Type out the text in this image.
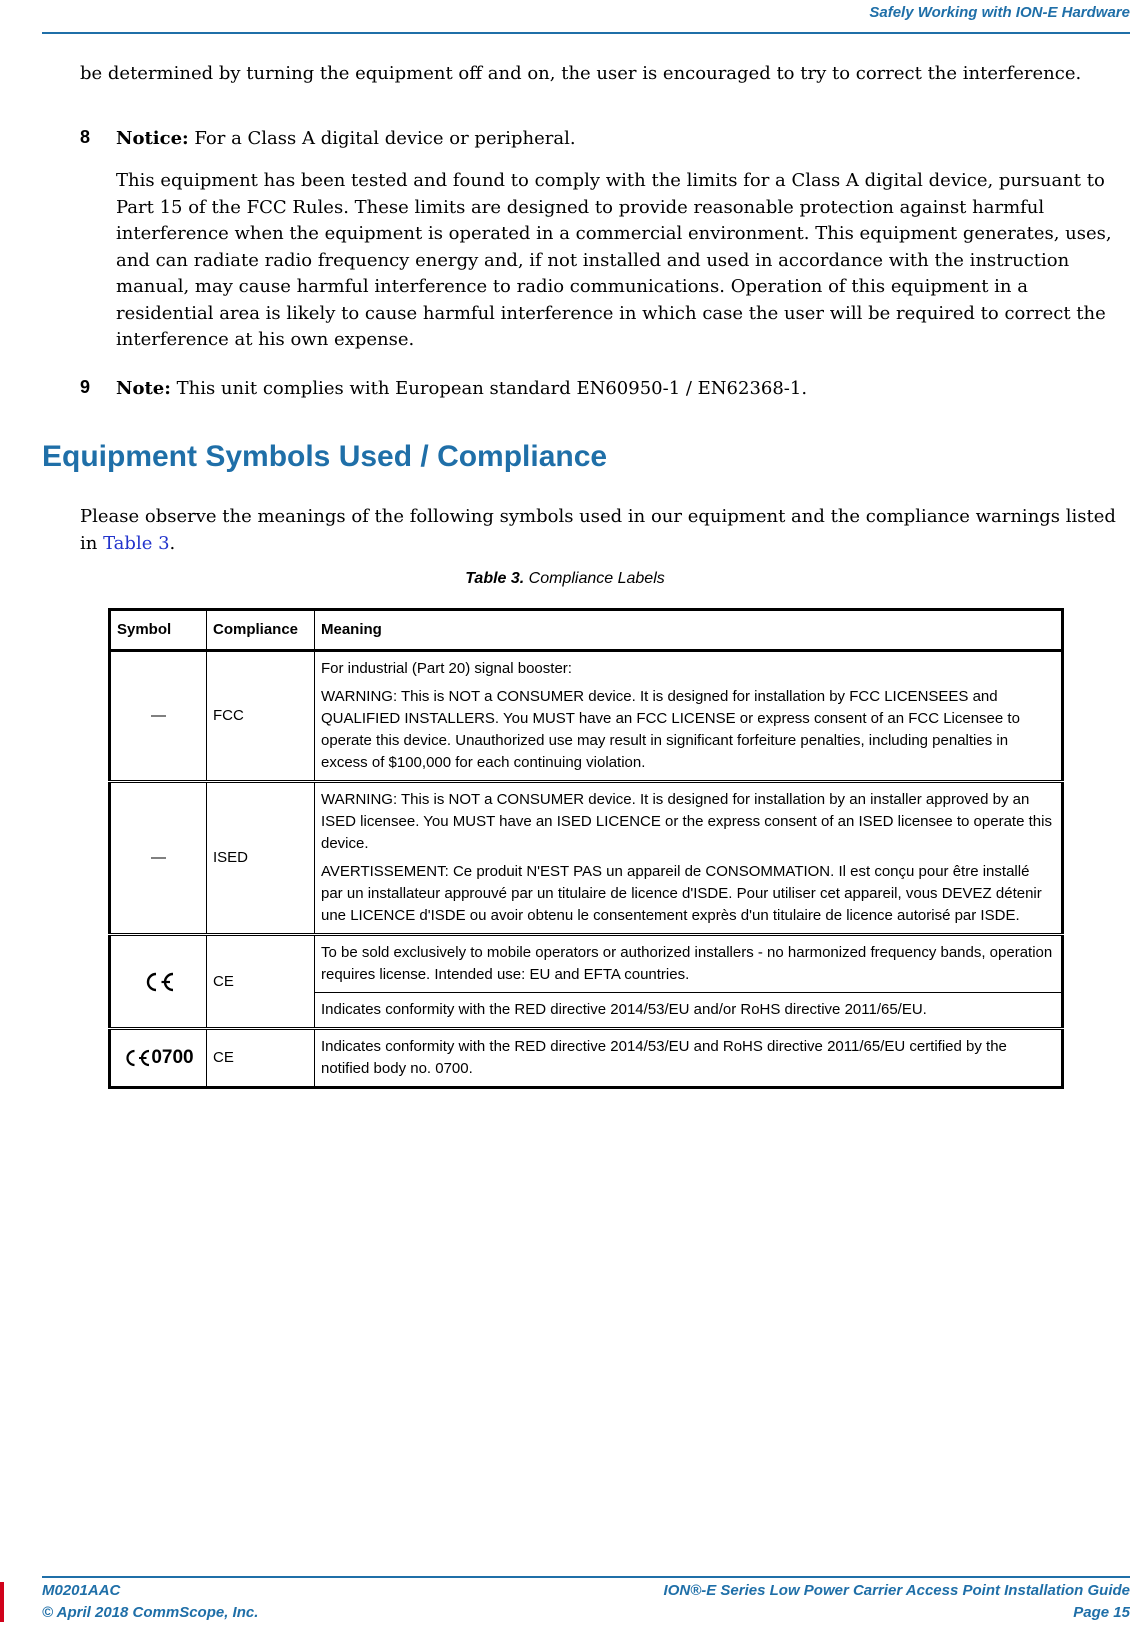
Safely Working with ION-E Hardware
be determined by turning the equipment off and on, the user is encouraged to try to correct the interference.
8 Notice: For a Class A digital device or peripheral.
This equipment has been tested and found to comply with the limits for a Class A digital device, pursuant to Part 15 of the FCC Rules. These limits are designed to provide reasonable protection against harmful interference when the equipment is operated in a commercial environment. This equipment generates, uses, and can radiate radio frequency energy and, if not installed and used in accordance with the instruction manual, may cause harmful interference to radio communications. Operation of this equipment in a residential area is likely to cause harmful interference in which case the user will be required to correct the interference at his own expense.
9 Note: This unit complies with European standard EN60950-1 / EN62368-1.
Equipment Symbols Used / Compliance
Please observe the meanings of the following symbols used in our equipment and the compliance warnings listed in Table 3.
Table 3. Compliance Labels
Symbol	Compliance	Meaning
—	FCC	For industrial (Part 20) signal booster:

WARNING: This is NOT a CONSUMER device. It is designed for installation by FCC LICENSEES and QUALIFIED INSTALLERS. You MUST have an FCC LICENSE or express consent of an FCC Licensee to operate this device. Unauthorized use may result in significant forfeiture penalties, including penalties in excess of $100,000 for each continuing violation.

—	ISED	WARNING: This is NOT a CONSUMER device. It is designed for installation by an installer approved by an ISED licensee. You MUST have an ISED LICENCE or the express consent of an ISED licensee to operate this device.

AVERTISSEMENT: Ce produit N'EST PAS un appareil de CONSOMMATION. Il est conçu pour être installé par un installateur approuvé par un titulaire de licence d'ISDE. Pour utiliser cet appareil, vous DEVEZ détenir une LICENCE d'ISDE ou avoir obtenu le consentement exprès d'un titulaire de licence autorisé par ISDE.

	CE	To be sold exclusively to mobile operators or authorized installers - no harmonized frequency bands, operation requires license. Intended use: EU and EFTA countries.

		Indicates conformity with the RED directive 2014/53/EU and/or RoHS directive 2011/65/EU.

0700	CE	Indicates conformity with the RED directive 2014/53/EU and RoHS directive 2011/65/EU certified by the notified body no. 0700.

M0201AAC
© April 2018 CommScope, Inc.
ION®-E Series Low Power Carrier Access Point Installation Guide
Page 15
